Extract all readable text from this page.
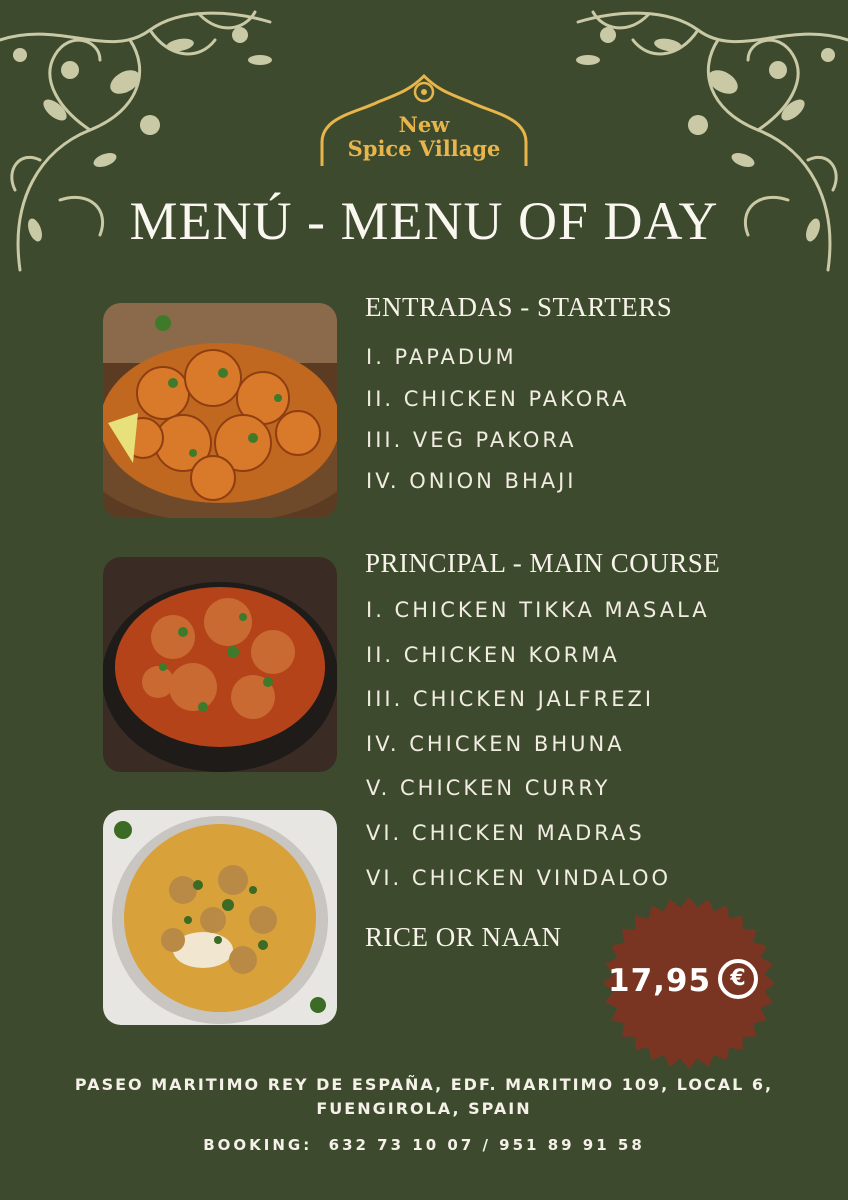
New
Spice Village
MENÚ - MENU OF DAY
ENTRADAS - STARTERS
I. PAPADUM
II. CHICKEN PAKORA
III. VEG PAKORA
IV. ONION BHAJI
PRINCIPAL - MAIN COURSE
I. CHICKEN TIKKA MASALA
II. CHICKEN KORMA
III. CHICKEN JALFREZI
IV. CHICKEN BHUNA
V. CHICKEN CURRY
VI. CHICKEN MADRAS
VI. CHICKEN VINDALOO
RICE OR NAAN
17,95 €
PASEO MARITIMO REY DE ESPAÑA, EDF. MARITIMO 109, LOCAL 6,
FUENGIROLA, SPAIN
BOOKING:  632 73 10 07 / 951 89 91 58
